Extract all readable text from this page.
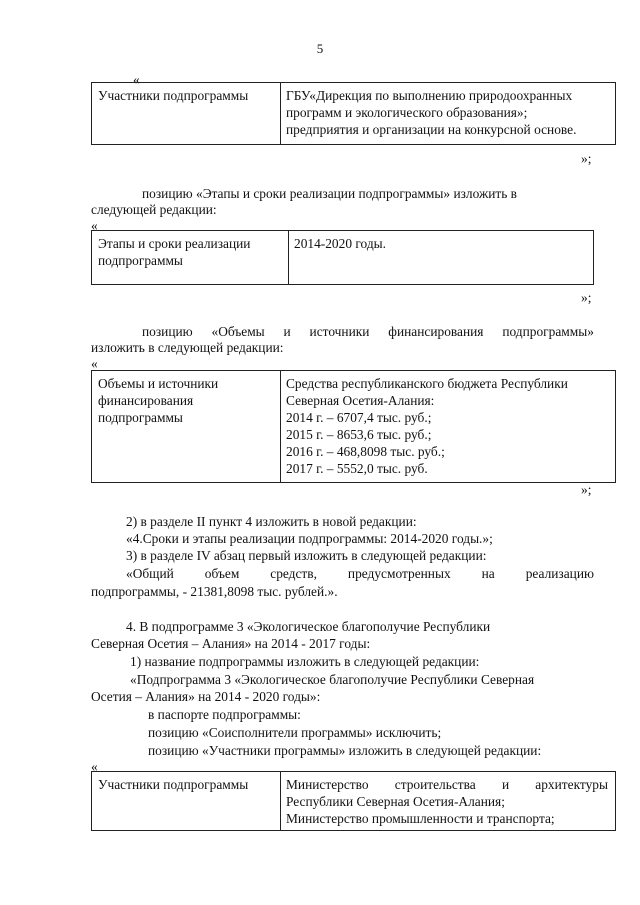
5
«
Участники подпрограммы	ГБУ«Дирекция по выполнению природоохранных
программ и экологического образования»;
предприятия и организации на конкурсной основе.
»;
позицию «Этапы и сроки реализации подпрограммы» изложить в
следующей редакции:
«
Этапы и сроки реализации
подпрограммы
2014-2020 годы.
»;
позицию «Объемы и источники финансирования подпрограммы»
изложить в следующей редакции:
«
Объемы и источники
финансирования
подпрограммы
Средства республиканского бюджета Республики
Северная Осетия-Алания:
2014 г. – 6707,4 тыс. руб.;
2015 г. – 8653,6 тыс. руб.;
2016 г. – 468,8098 тыс. руб.;
2017 г. – 5552,0 тыс. руб.
»;
2) в разделе II пункт 4 изложить в новой редакции:
«4.Сроки и этапы реализации подпрограммы: 2014-2020 годы.»;
3) в разделе IV абзац первый изложить в следующей редакции:
«Общий объем средств, предусмотренных на реализацию
подпрограммы, - 21381,8098 тыс. рублей.».
4. В подпрограмме 3 «Экологическое благополучие Республики
Северная Осетия – Алания» на 2014 - 2017 годы:
1) название подпрограммы изложить в следующей редакции:
«Подпрограмма 3 «Экологическое благополучие Республики Северная
Осетия – Алания» на 2014 - 2020 годы»:
в паспорте подпрограммы:
позицию «Соисполнители программы» исключить;
позицию «Участники программы» изложить в следующей редакции:
«
Участники подпрограммы	Министерство строительства и архитектуры
Республики Северная Осетия-Алания;
Министерство промышленности и транспорта;
